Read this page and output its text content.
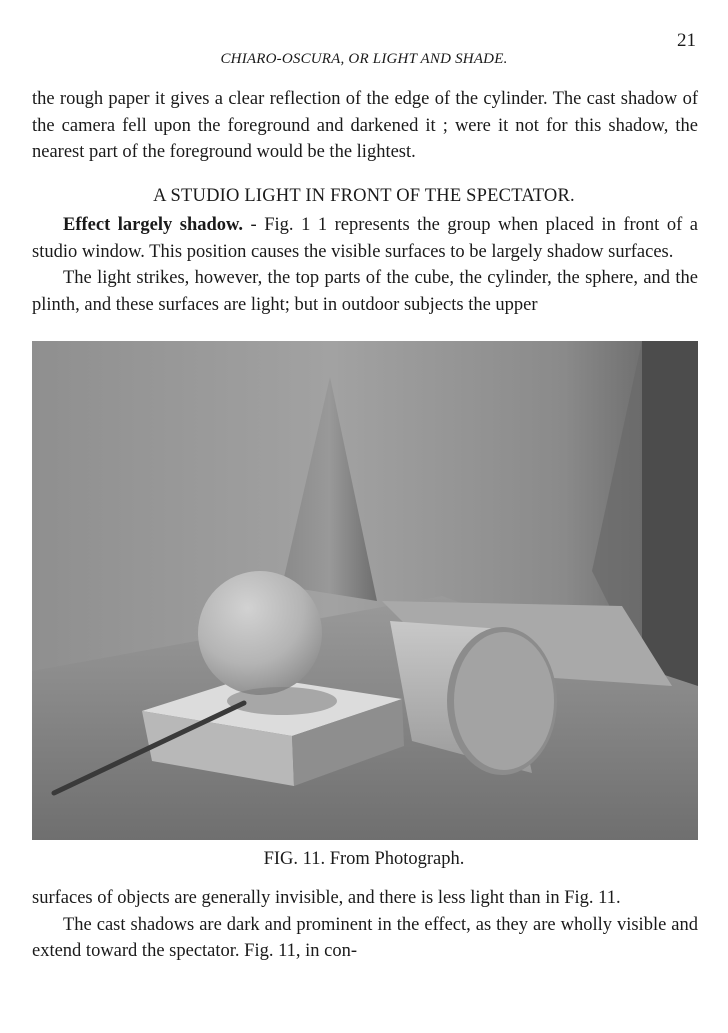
21
CHIARO-OSCURA, OR LIGHT AND SHADE.

the rough paper it gives a clear reflection of the edge of the cylinder. The cast shadow of the camera fell upon the foreground and darkened it ; were it not for this shadow, the nearest part of the foreground would be the lightest.

A STUDIO LIGHT IN FRONT OF THE SPECTATOR.

Effect largely shadow. - Fig. 1 1 represents the group when placed in front of a studio window. This position causes the visible surfaces to be largely shadow surfaces.

The light strikes, however, the top parts of the cube, the cylinder, the sphere, and the plinth, and these surfaces are light; but in outdoor subjects the upper

FIG. 11. From Photograph.

surfaces of objects are generally invisible, and there is less light than in Fig. 11.

The cast shadows are dark and prominent in the effect, as they are wholly visible and extend toward the spectator. Fig. 11, in con-
